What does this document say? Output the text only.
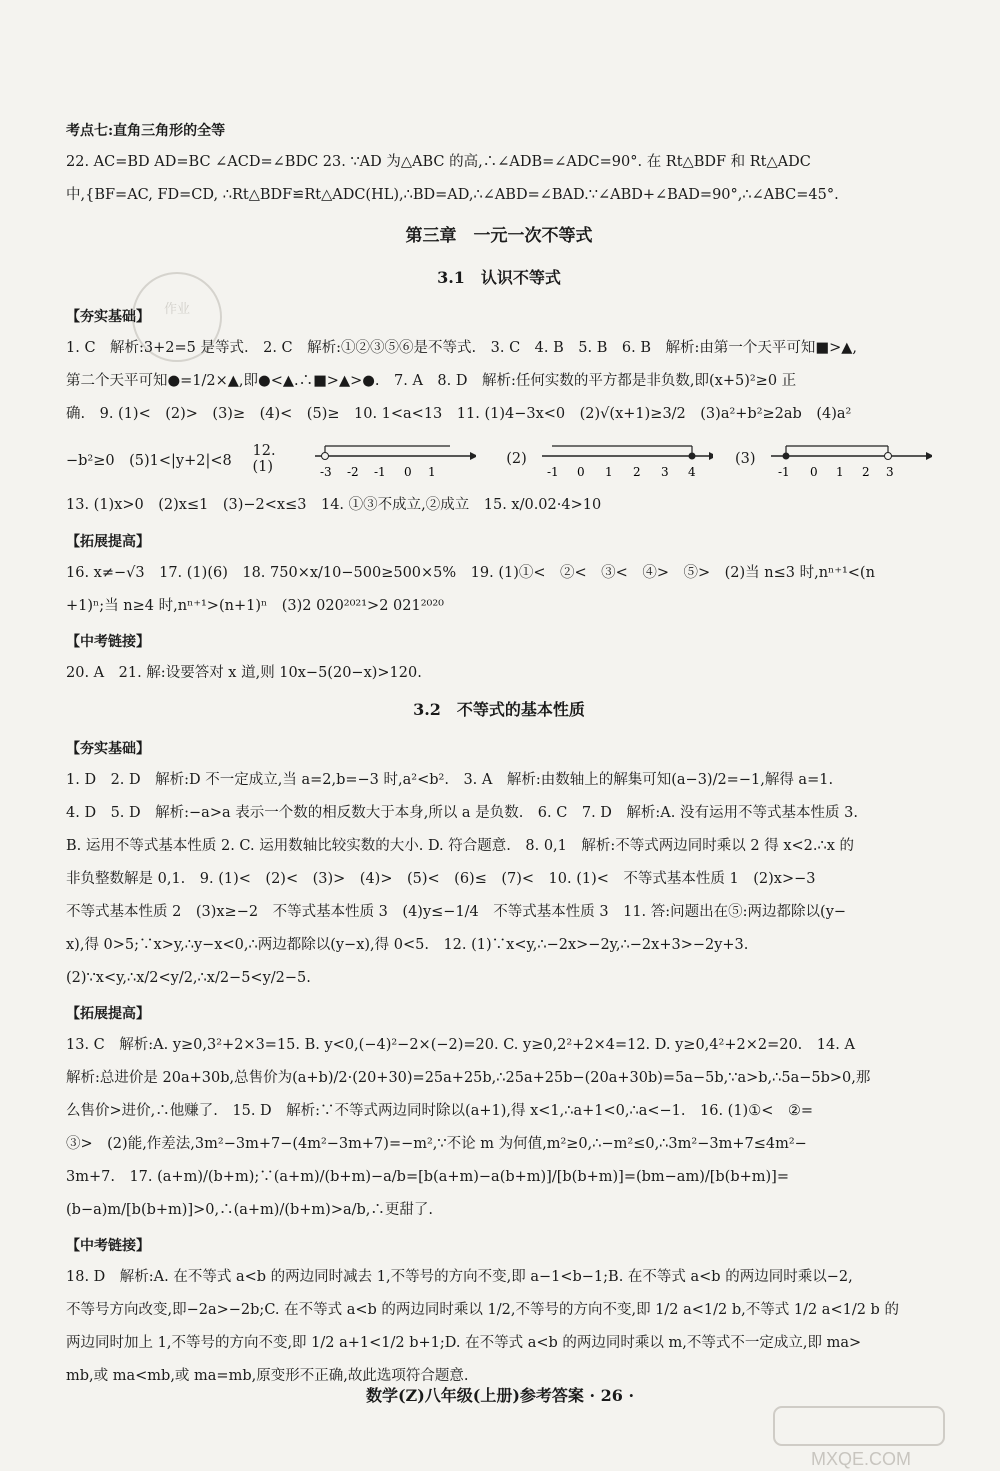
作业
考点七:直角三角形的全等

22. AC=BD AD=BC ∠ACD=∠BDC 23. ∵AD 为△ABC 的高,∴∠ADB=∠ADC=90°. 在 Rt△BDF 和 Rt△ADC

中,{BF=AC, FD=CD, ∴Rt△BDF≌Rt△ADC(HL),∴BD=AD,∴∠ABD=∠BAD.∵∠ABD+∠BAD=90°,∴∠ABC=45°.

第三章　一元一次不等式
3.1　认识不等式
【夯实基础】

1. C　解析:3+2=5 是等式.　2. C　解析:①②③⑤⑥是不等式.　3. C　4. B　5. B　6. B　解析:由第一个天平可知■>▲,

第二个天平可知●=1/2×▲,即●<▲.∴■>▲>●.　7. A　8. D　解析:任何实数的平方都是非负数,即(x+5)²≥0 正

确.　9. (1)<　(2)>　(3)≥　(4)<　(5)≥　10. 1<a<13　11. (1)4−3x<0　(2)√(x+1)≥3/2　(3)a²+b²≥2ab　(4)a²

−b²≥0　(5)1<|y+2|<8　
12. (1)	-3 -2 -1 0 1
(2)
-1 0 1 2 3 4
(3)
-1 0 1 2 3

13. (1)x>0　(2)x≤1　(3)−2<x≤3　14. ①③不成立,②成立　15. x/0.02·4>10

【拓展提高】

16. x≠−√3　17. (1)(6)　18. 750×x/10−500≥500×5%　19. (1)①<　②<　③<　④>　⑤>　(2)当 n≤3 时,nⁿ⁺¹<(n

+1)ⁿ;当 n≥4 时,nⁿ⁺¹>(n+1)ⁿ　(3)2 020²⁰²¹>2 021²⁰²⁰

【中考链接】

20. A　21. 解:设要答对 x 道,则 10x−5(20−x)>120.

3.2　不等式的基本性质
【夯实基础】

1. D　2. D　解析:D 不一定成立,当 a=2,b=−3 时,a²<b².　3. A　解析:由数轴上的解集可知(a−3)/2=−1,解得 a=1.

4. D　5. D　解析:−a>a 表示一个数的相反数大于本身,所以 a 是负数.　6. C　7. D　解析:A. 没有运用不等式基本性质 3.

B. 运用不等式基本性质 2. C. 运用数轴比较实数的大小. D. 符合题意.　8. 0,1　解析:不等式两边同时乘以 2 得 x<2.∴x 的

非负整数解是 0,1.　9. (1)<　(2)<　(3)>　(4)>　(5)<　(6)≤　(7)<　10. (1)<　不等式基本性质 1　(2)x>−3

不等式基本性质 2　(3)x≥−2　不等式基本性质 3　(4)y≤−1/4　不等式基本性质 3　11. 答:问题出在⑤:两边都除以(y−

x),得 0>5;∵x>y,∴y−x<0,∴两边都除以(y−x),得 0<5.　12. (1)∵x<y,∴−2x>−2y,∴−2x+3>−2y+3.

(2)∵x<y,∴x/2<y/2,∴x/2−5<y/2−5.

【拓展提高】

13. C　解析:A. y≥0,3²+2×3=15. B. y<0,(−4)²−2×(−2)=20. C. y≥0,2²+2×4=12. D. y≥0,4²+2×2=20.　14. A

解析:总进价是 20a+30b,总售价为(a+b)/2·(20+30)=25a+25b,∴25a+25b−(20a+30b)=5a−5b,∵a>b,∴5a−5b>0,那

么售价>进价,∴他赚了.　15. D　解析:∵不等式两边同时除以(a+1),得 x<1,∴a+1<0,∴a<−1.　16. (1)①<　②=

③>　(2)能,作差法,3m²−3m+7−(4m²−3m+7)=−m²,∵不论 m 为何值,m²≥0,∴−m²≤0,∴3m²−3m+7≤4m²−

3m+7.　17. (a+m)/(b+m);∵(a+m)/(b+m)−a/b=[b(a+m)−a(b+m)]/[b(b+m)]=(bm−am)/[b(b+m)]=(b−a)m/[b(b+m)]>0,∴(a+m)/(b+m)>a/b,∴更甜了.

【中考链接】

18. D　解析:A. 在不等式 a<b 的两边同时减去 1,不等号的方向不变,即 a−1<b−1;B. 在不等式 a<b 的两边同时乘以−2,

不等号方向改变,即−2a>−2b;C. 在不等式 a<b 的两边同时乘以 1/2,不等号的方向不变,即 1/2 a<1/2 b,不等式 1/2 a<1/2 b 的

两边同时加上 1,不等号的方向不变,即 1/2 a+1<1/2 b+1;D. 在不等式 a<b 的两边同时乘以 m,不等式不一定成立,即 ma>

mb,或 ma<mb,或 ma=mb,原变形不正确,故此选项符合题意.

数学(Z)八年级(上册)参考答案 · 26 ·
MXQE.COM
